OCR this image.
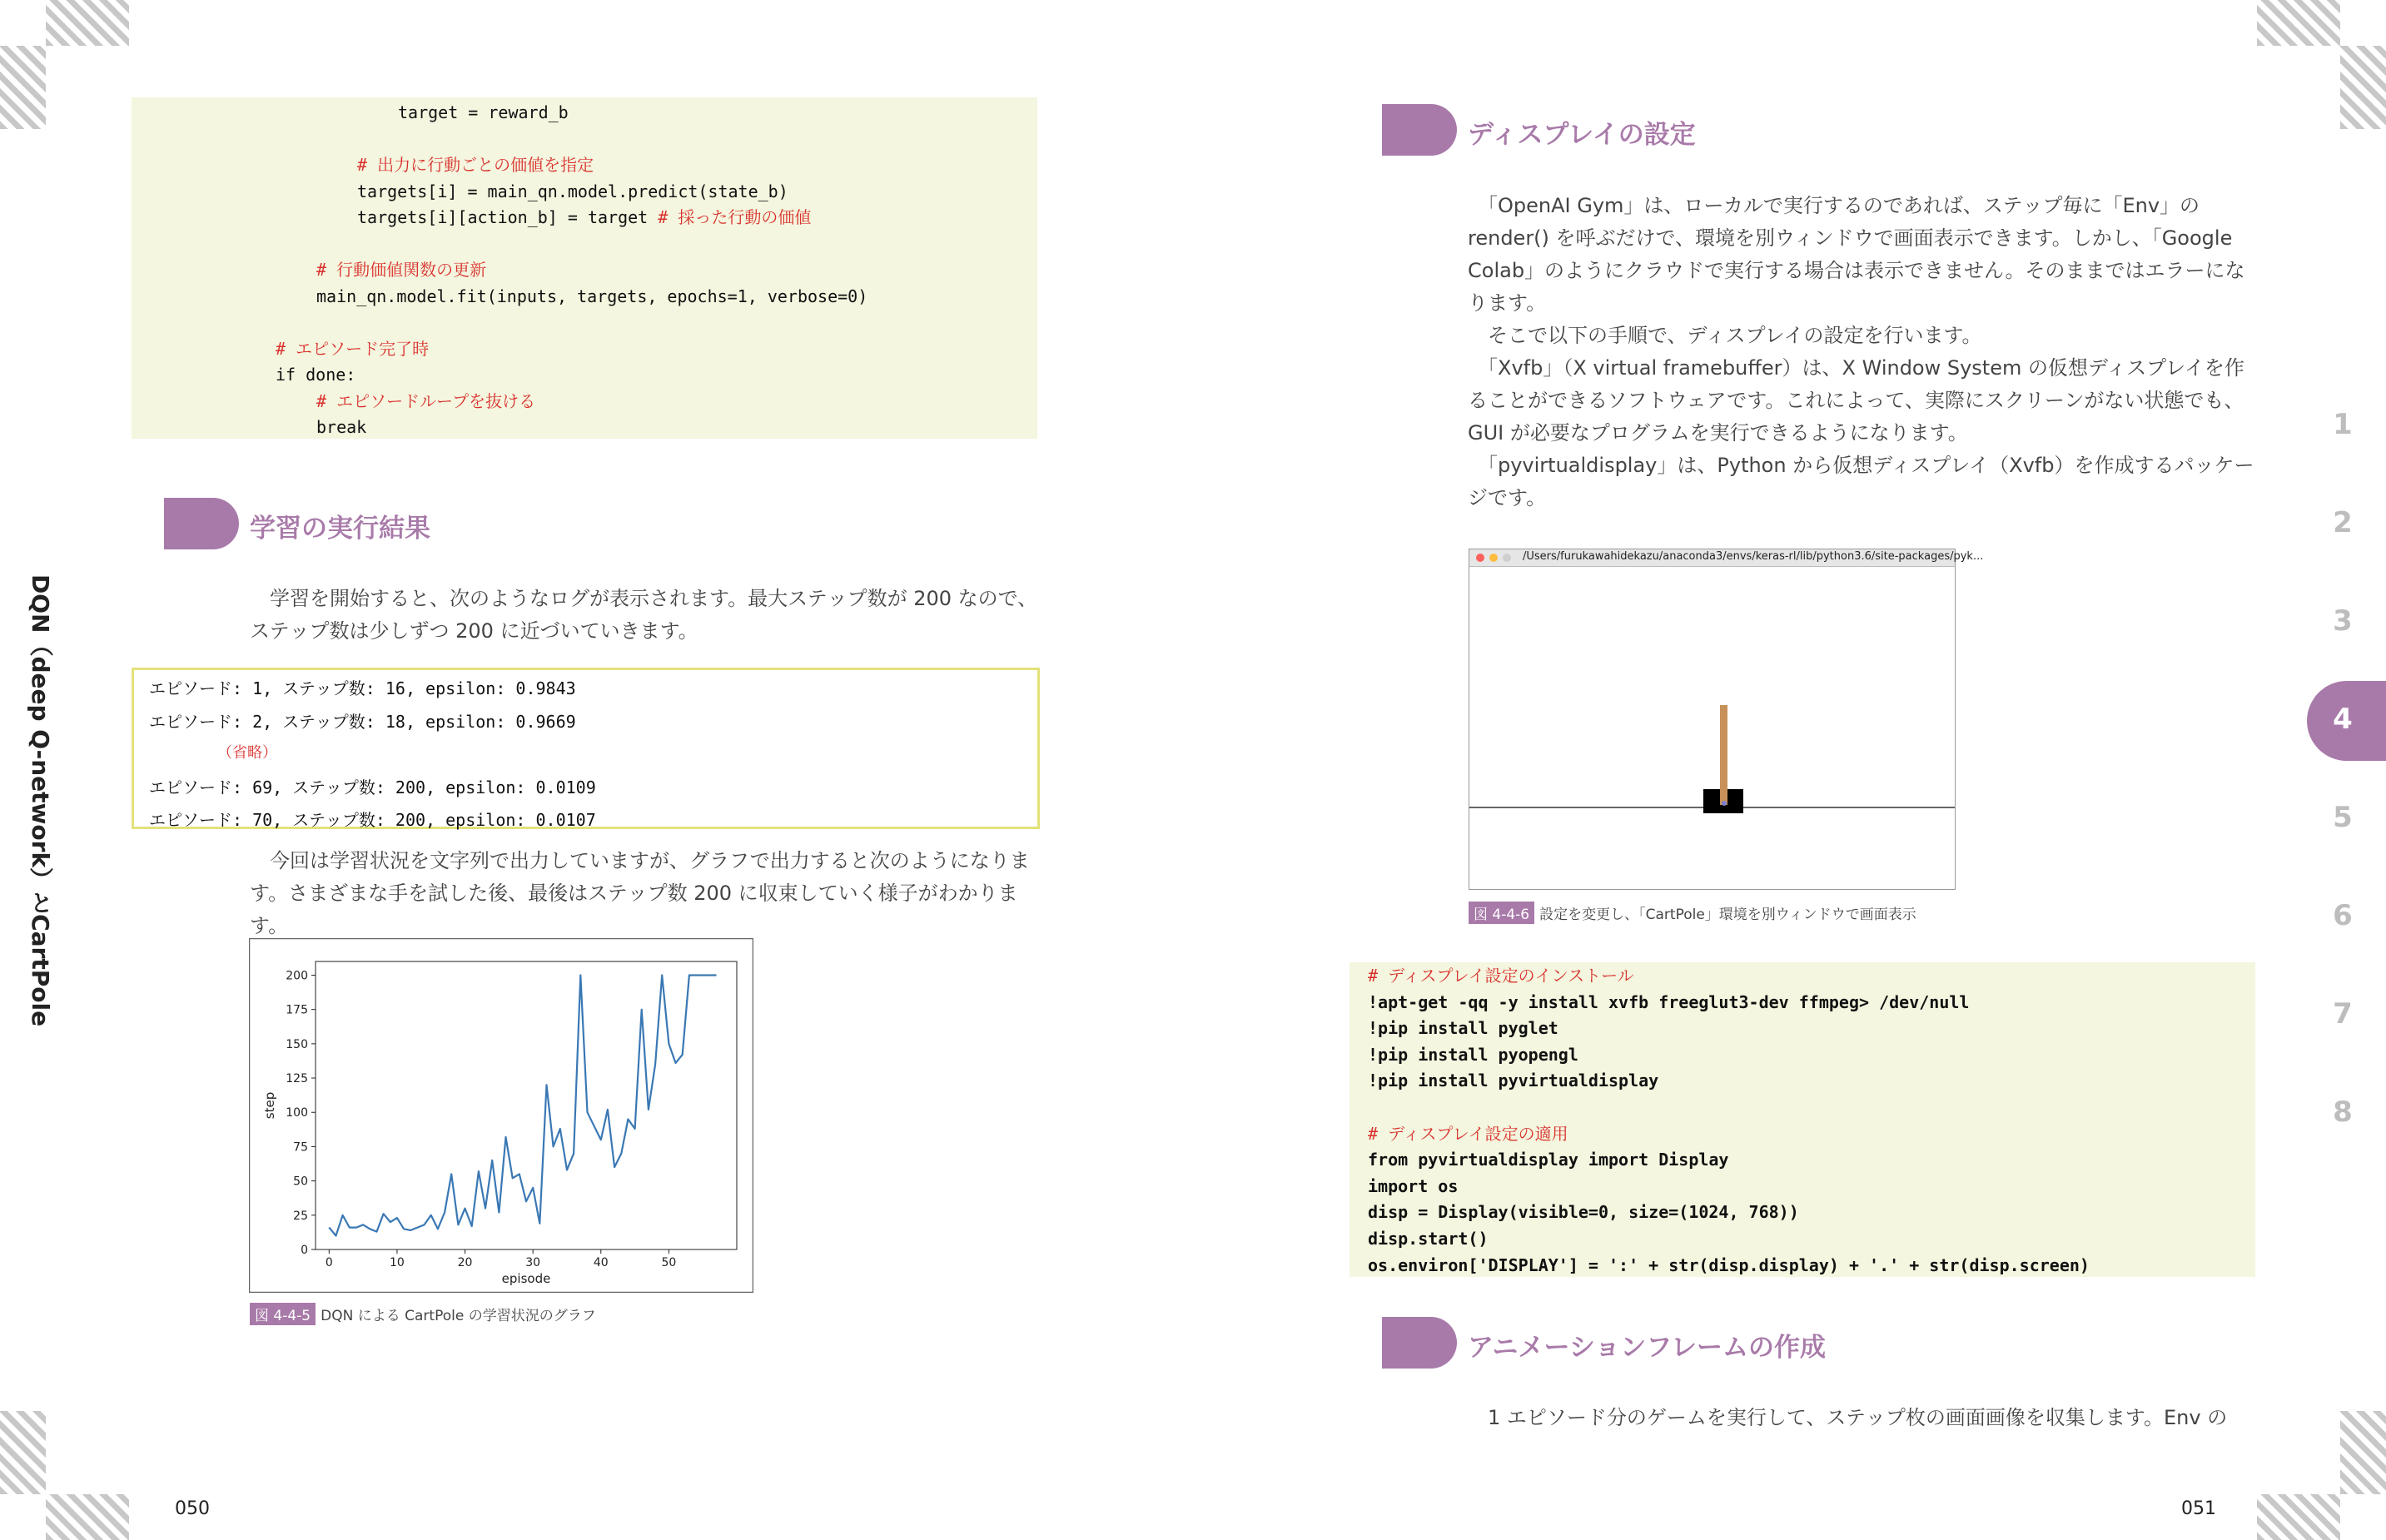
DQN（deep Q-network）とCartPole
target = reward_b
# 出力に行動ごとの価値を指定
targets[i] = main_qn.model.predict(state_b)
targets[i][action_b] = target # 採った行動の価値
# 行動価値関数の更新
main_qn.model.fit(inputs, targets, epochs=1, verbose=0)
# エピソード完了時
if done:
# エピソードループを抜ける
break
学習の実行結果

　学習を開始すると、次のようなログが表示されます。最大ステップ数が 200 なので、ステップ数は少しずつ 200 に近づいていきます。

エピソード: 1, ステップ数: 16, epsilon: 0.9843
エピソード: 2, ステップ数: 18, epsilon: 0.9669
（省略）
エピソード: 69, ステップ数: 200, epsilon: 0.0109
エピソード: 70, ステップ数: 200, epsilon: 0.0107

　今回は学習状況を文字列で出力していますが、グラフで出力すると次のようになります。さまざまな手を試した後、最後はステップ数 200 に収束していく様子がわかります。

0	10	20	30	40	50
0
25
50
75
100
125
150
175
200
episode
step
図 4-4-5 DQN による CartPole の学習状況のグラフ
050
ディスプレイの設定

　「OpenAI Gym」は、ローカルで実行するのであれば、ステップ毎に「Env」の render() を呼ぶだけで、環境を別ウィンドウで画面表示できます。しかし、「Google Colab」のようにクラウドで実行する場合は表示できません。そのままではエラーになります。

　そこで以下の手順で、ディスプレイの設定を行います。

　「Xvfb」（X virtual framebuffer）は、X Window System の仮想ディスプレイを作ることができるソフトウェアです。これによって、実際にスクリーンがない状態でも、GUI が必要なプログラムを実行できるようになります。

　「pyvirtualdisplay」は、Python から仮想ディスプレイ（Xvfb）を作成するパッケージです。

/Users/furukawahidekazu/anaconda3/envs/keras-rl/lib/python3.6/site-packages/pyk...
図 4-4-6 設定を変更し、「CartPole」環境を別ウィンドウで画面表示
# ディスプレイ設定のインストール
!apt-get -qq -y install xvfb freeglut3-dev ffmpeg> /dev/null
!pip install pyglet
!pip install pyopengl
!pip install pyvirtualdisplay
# ディスプレイ設定の適用
from pyvirtualdisplay import Display
import os
disp = Display(visible=0, size=(1024, 768))
disp.start()
os.environ['DISPLAY'] = ':' + str(disp.display) + '.' + str(disp.screen)
アニメーションフレームの作成

　1 エピソード分のゲームを実行して、ステップ枚の画面画像を収集します。Env の

051
1
2
3
4
5
6
7
8
